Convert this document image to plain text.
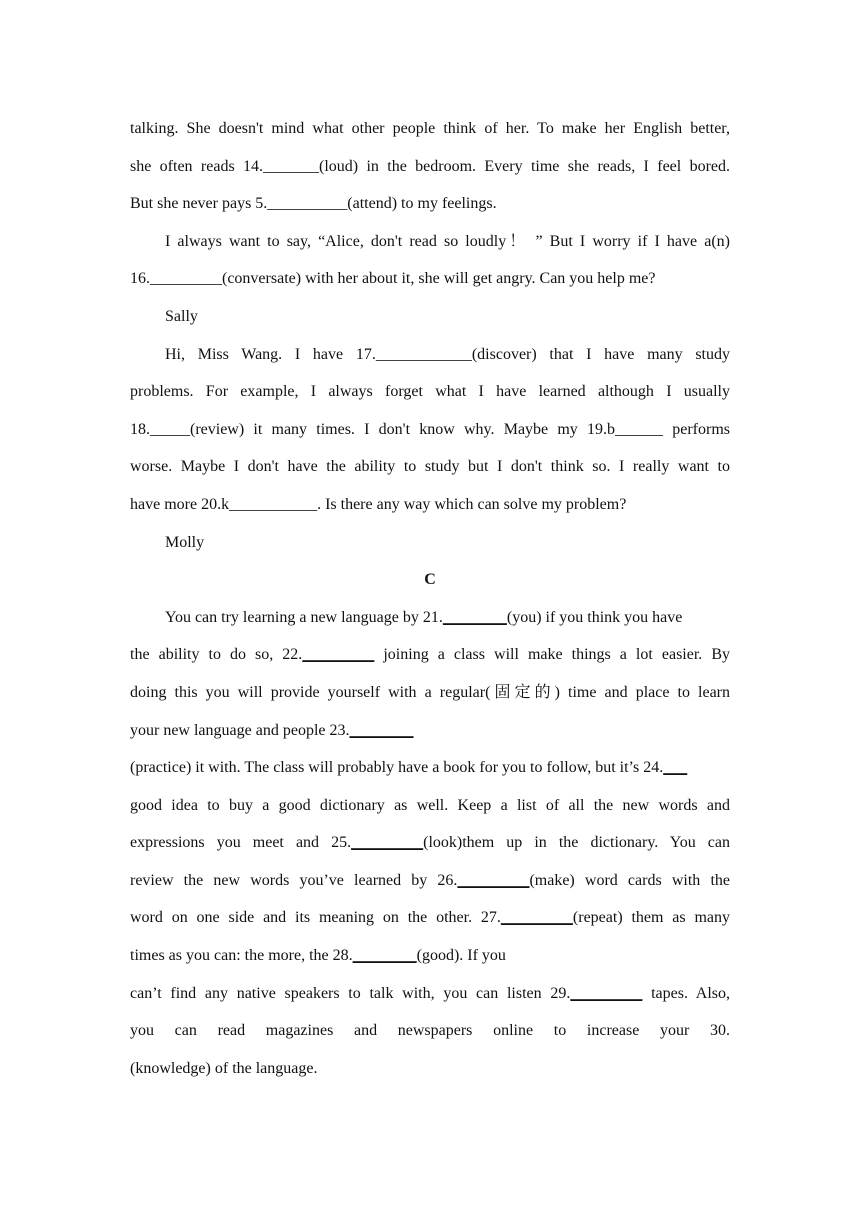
talking. She doesn't mind what other people think of her. To make her English better,
she often reads 14._______(loud) in the bedroom. Every time she reads, I feel bored.
But she never pays 5.__________(attend) to my feelings.
I always want to say, “Alice, don't read so loudly！ ” But I worry if I have a(n)
16._________(conversate) with her about it, she will get angry. Can you help me?
Sally
Hi, Miss Wang. I have 17.____________(discover) that I have many study
problems. For example, I always forget what I have learned although I usually
18._____(review) it many times. I don't know why. Maybe my 19.b______ performs
worse. Maybe I don't have the ability to study but I don't think so. I really want to
have more 20.k___________. Is there any way which can solve my problem?
Molly
C
You can try learning a new language by 21.________(you) if you think you have
the ability to do so, 22._________ joining a class will make things a lot easier. By
doing this you will provide yourself with a regular(固定的) time and place to learn
your new language and people 23.________
(practice) it with. The class will probably have a book for you to follow, but it’s 24.___
good idea to buy a good dictionary as well. Keep a list of all the new words and
expressions you meet and 25._________(look)them up in the dictionary. You can
review the new words you’ve learned by 26._________(make) word cards with the
word on one side and its meaning on the other. 27._________(repeat) them as many
times as you can: the more, the 28.________(good). If you
can’t find any native speakers to talk with, you can listen 29._________ tapes. Also,
you can read magazines and newspapers online to increase your 30.
(knowledge) of the language.
